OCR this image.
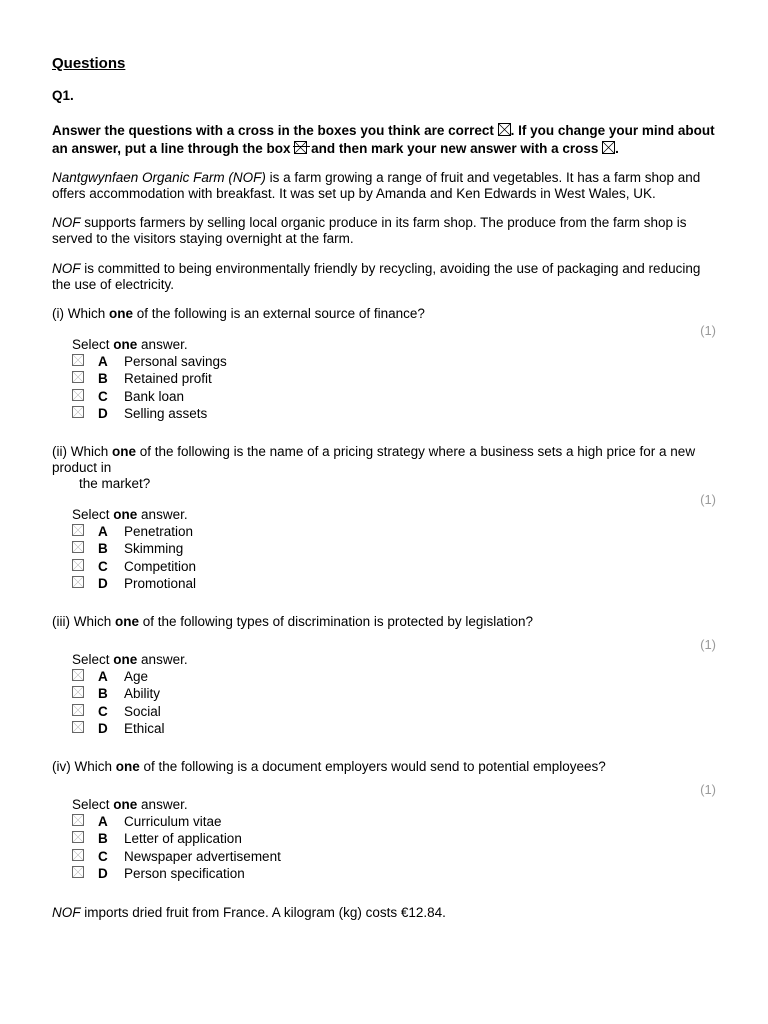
Questions
Q1.
Answer the questions with a cross in the boxes you think are correct ☒. If you change your mind about an answer, put a line through the box and then mark your new answer with a cross ☒.

Nantgwynfaen Organic Farm (NOF) is a farm growing a range of fruit and vegetables. It has a farm shop and offers accommodation with breakfast. It was set up by Amanda and Ken Edwards in West Wales, UK.

NOF supports farmers by selling local organic produce in its farm shop. The produce from the farm shop is served to the visitors staying overnight at the farm.

NOF is committed to being environmentally friendly by recycling, avoiding the use of packaging and reducing the use of electricity.

(i) Which one of the following is an external source of finance?
(1)
Select one answer.
A	Personal savings
B	Retained profit
C	Bank loan
D	Selling assets
(ii) Which one of the following is the name of a pricing strategy where a business sets a high price for a new product in
the market?
(1)
Select one answer.
A	Penetration
B	Skimming
C	Competition
D	Promotional
(iii) Which one of the following types of discrimination is protected by legislation?
(1)
Select one answer.
A	Age
B	Ability
C	Social
D	Ethical
(iv) Which one of the following is a document employers would send to potential employees?
(1)
Select one answer.
A	Curriculum vitae
B	Letter of application
C	Newspaper advertisement
D	Person specification

NOF imports dried fruit from France. A kilogram (kg) costs €12.84.
